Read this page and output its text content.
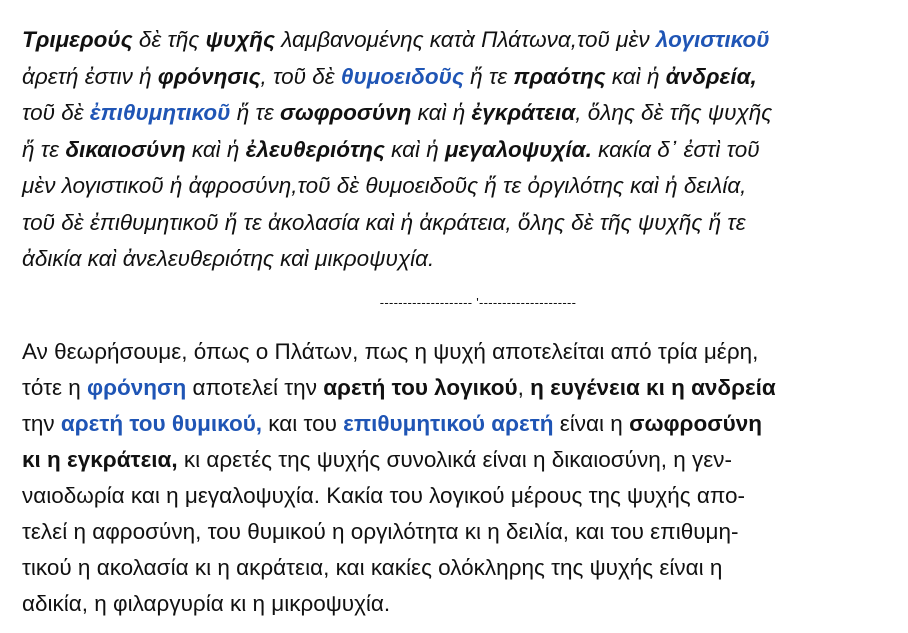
Τριμερούς δὲ τῆς ψυχῆς λαμβανομένης κατὰ Πλάτωνα,τοῦ μὲν λογιστικοῦ
ἀρετή ἐστιν ἡ φρόνησις, τοῦ δὲ θυμοειδοῦς ἥ τε πραότης καὶ ἡ ἀνδρεία,
τοῦ δὲ ἐπιθυμητικοῦ ἥ τε σωφροσύνη καὶ ἡ ἐγκράτεια, ὅλης δὲ τῆς ψυχῆς
ἥ τε δικαιοσύνη καὶ ἡ ἐλευθεριότης καὶ ἡ μεγαλοψυχία. κακία δ᾽ ἐστὶ τοῦ
μὲν λογιστικοῦ ἡ ἀφροσύνη,τοῦ δὲ θυμοειδοῦς ἥ τε ὀργιλότης καὶ ἡ δειλία,
τοῦ δὲ ἐπιθυμητικοῦ ἥ τε ἀκολασία καὶ ἡ ἀκράτεια, ὅλης δὲ τῆς ψυχῆς ἥ τε
ἀδικία καὶ ἀνελευθεριότης καὶ μικροψυχία.

-------------------- '---------------------

Αν θεωρήσουμε, όπως ο Πλάτων, πως η ψυχή αποτελείται από τρία μέρη,
τότε η φρόνηση αποτελεί την αρετή του λογικού, η ευγένεια κι η ανδρεία
την αρετή του θυμικού, και του επιθυμητικού αρετή είναι η σωφροσύνη
κι η εγκράτεια, κι αρετές της ψυχής συνολικά είναι η δικαιοσύνη, η γεν-
ναιοδωρία και η μεγαλοψυχία. Κακία του λογικού μέρους της ψυχής απο-
τελεί η αφροσύνη, του θυμικού η οργιλότητα κι η δειλία, και του επιθυμη-
τικού η ακολασία κι η ακράτεια, και κακίες ολόκληρης της ψυχής είναι η
αδικία, η φιλαργυρία κι η μικροψυχία.
